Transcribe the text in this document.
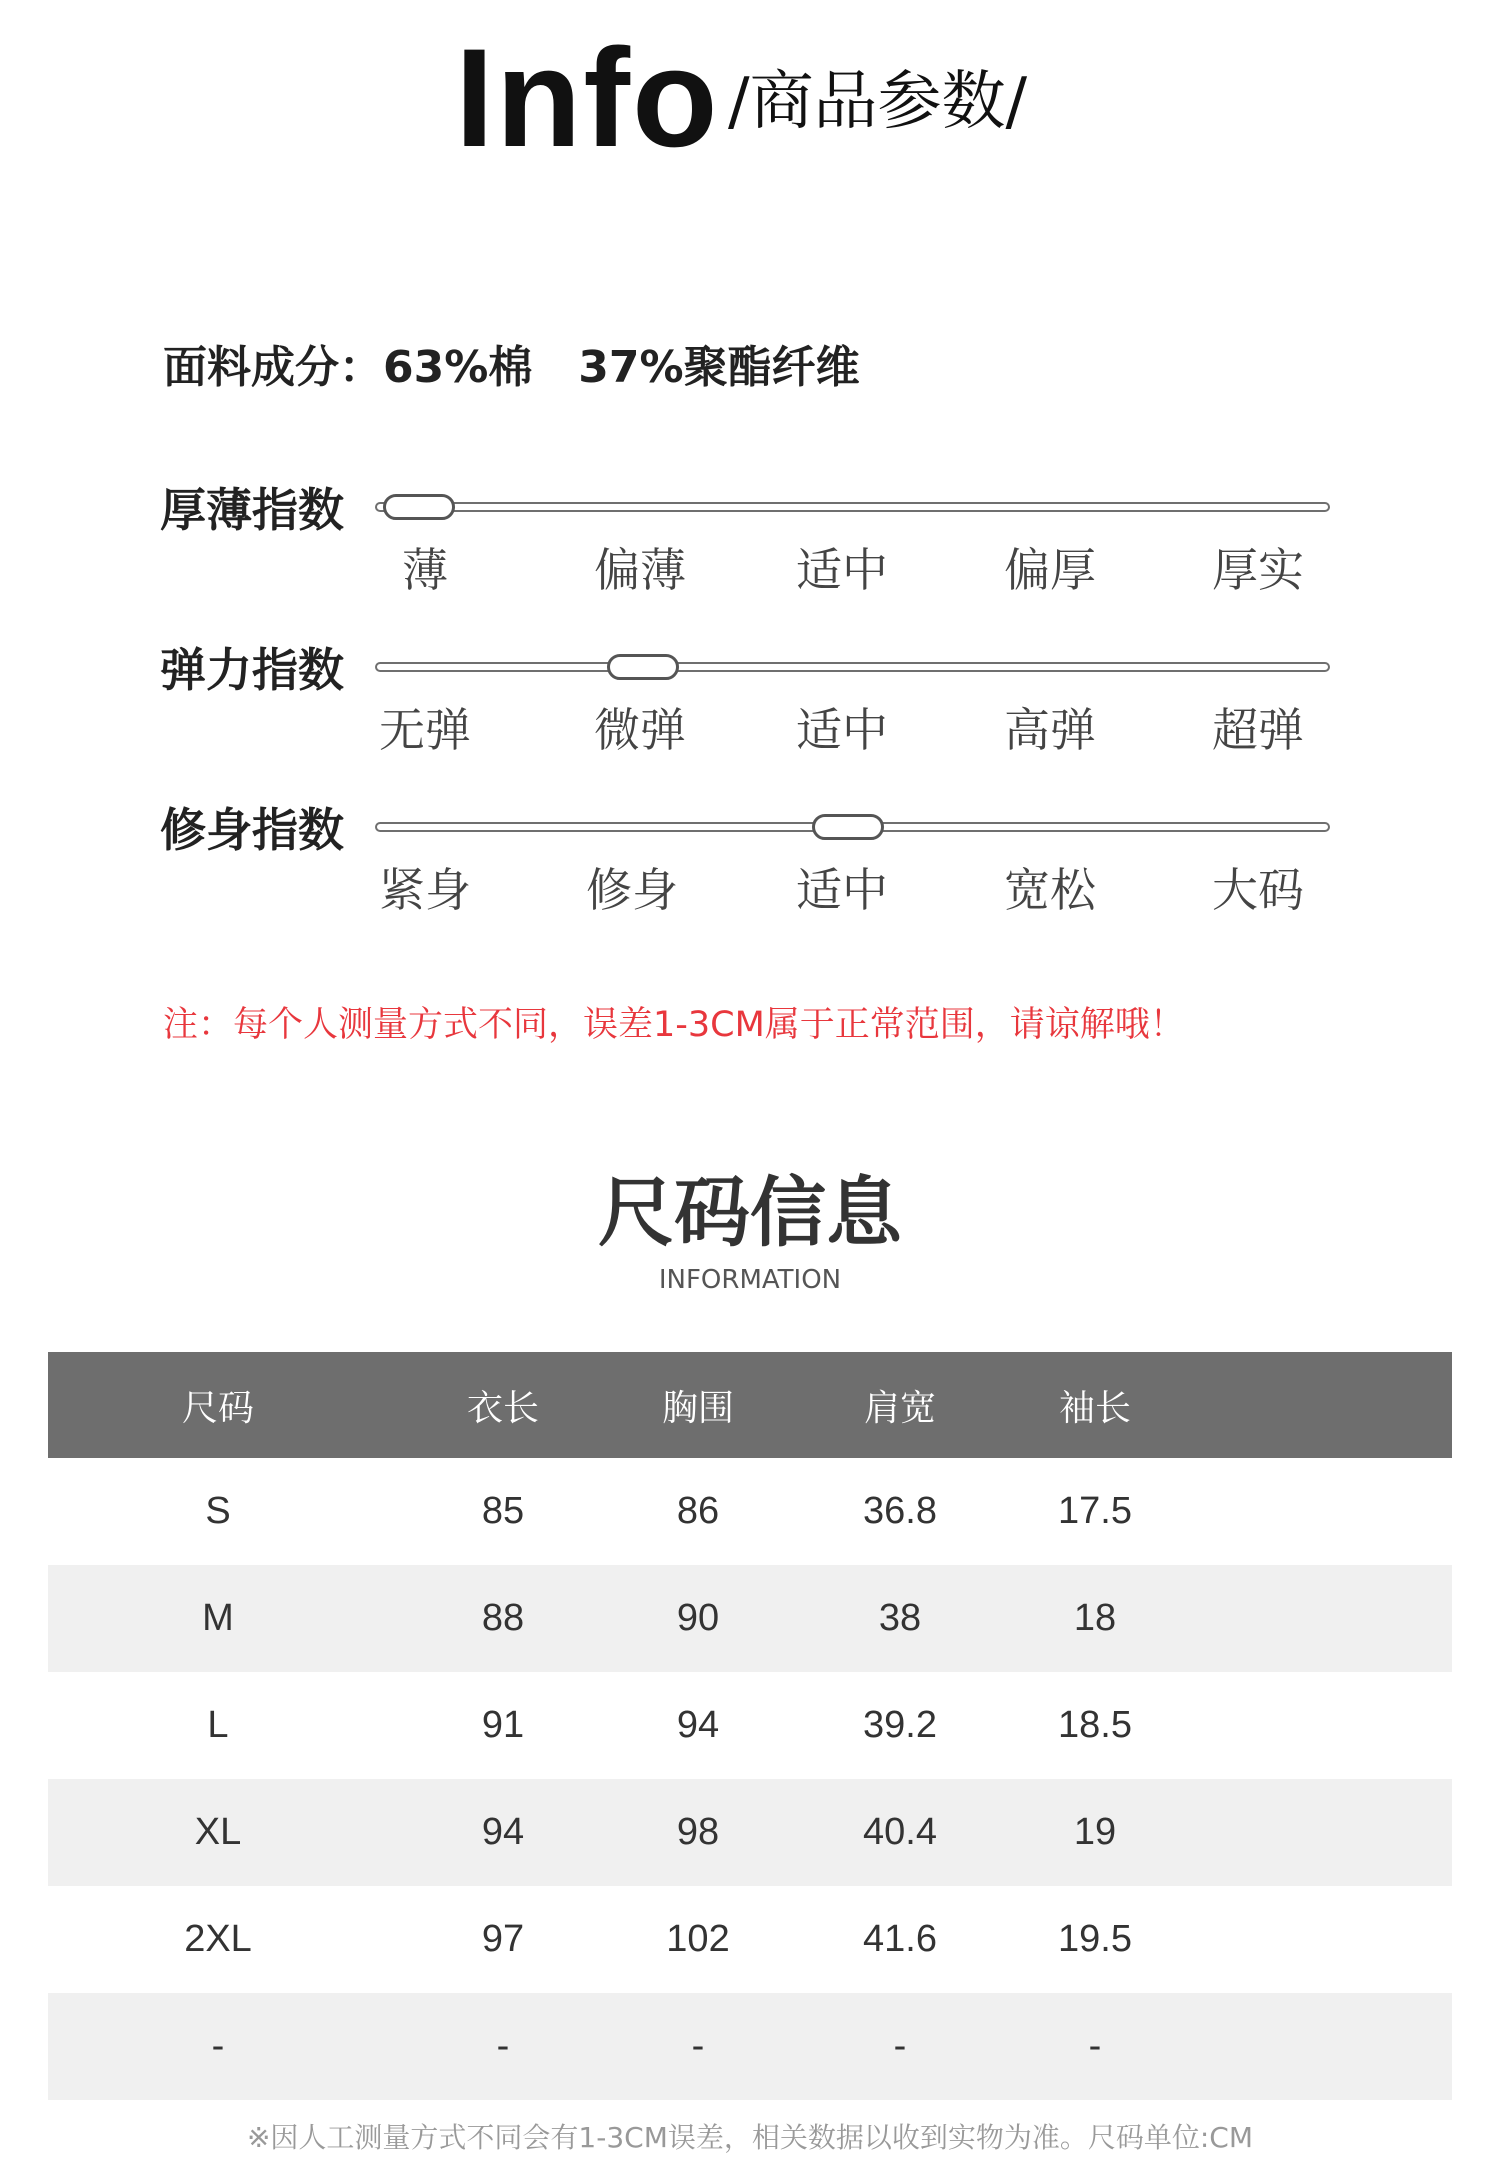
Info /商品参数/
面料成分：63%棉   37%聚酯纤维
厚薄指数
薄	偏薄	适中	偏厚	厚实
弹力指数
无弹	微弹	适中	高弹	超弹
修身指数
紧身	修身	适中	宽松	大码
注：每个人测量方式不同，误差1-3CM属于正常范围，请谅解哦！
尺码信息
INFORMATION
尺码	衣长	胸围	肩宽	袖长
S	85	86	36.8	17.5
M	88	90	38	18
L	91	94	39.2	18.5
XL	94	98	40.4	19
2XL	97	102	41.6	19.5
-	-	-	-	-
※因人工测量方式不同会有1-3CM误差，相关数据以收到实物为准。尺码单位:CM
